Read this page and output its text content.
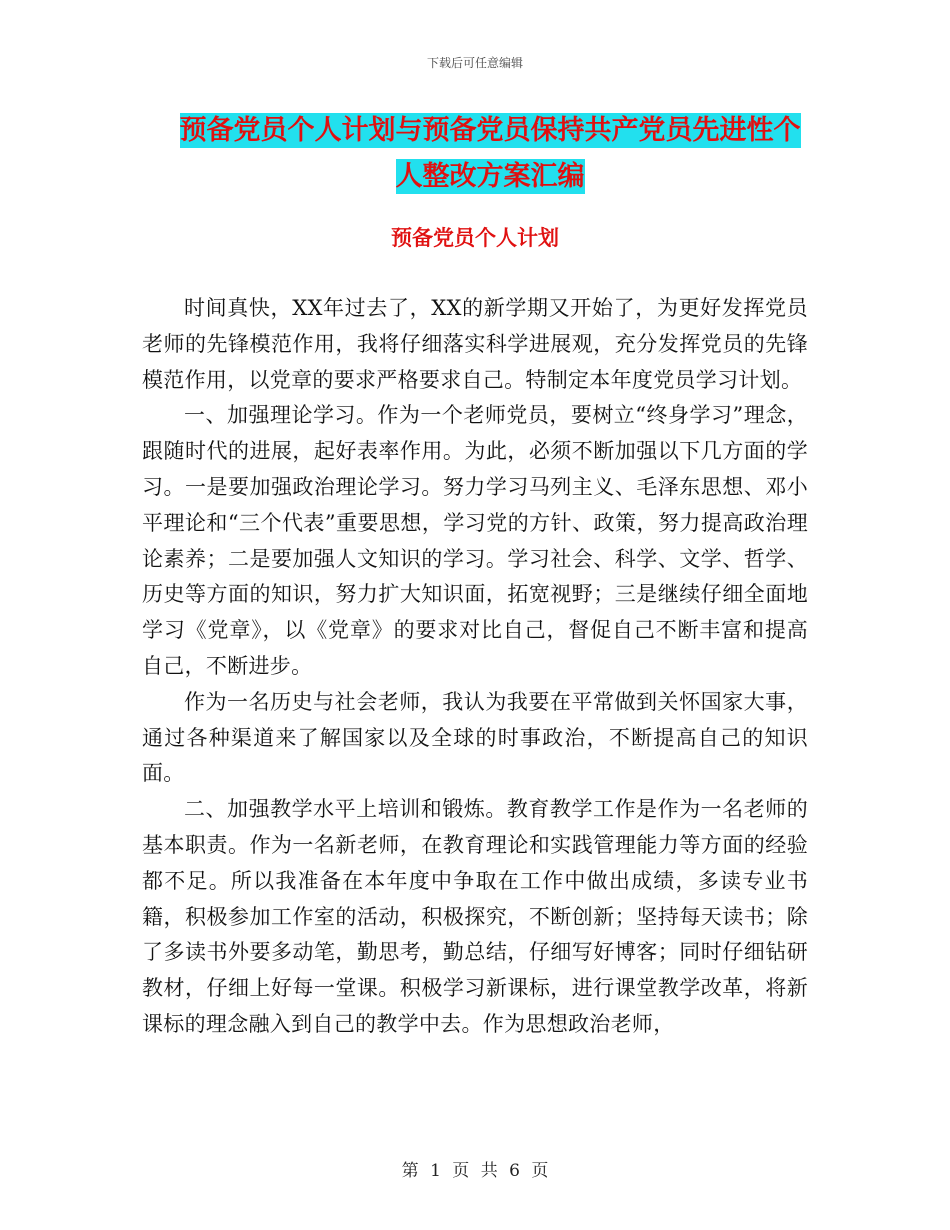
下载后可任意编辑
预备党员个人计划与预备党员保持共产党员先进性个
人整改方案汇编
预备党员个人计划

时间真快，XX年过去了，XX的新学期又开始了，为更好发挥党员老师的先锋模范作用，我将仔细落实科学进展观，充分发挥党员的先锋模范作用，以党章的要求严格要求自己。特制定本年度党员学习计划。

一、加强理论学习。作为一个老师党员，要树立“终身学习”理念，跟随时代的进展，起好表率作用。为此，必须不断加强以下几方面的学习。一是要加强政治理论学习。努力学习马列主义、毛泽东思想、邓小平理论和“三个代表”重要思想，学习党的方针、政策，努力提高政治理论素养；二是要加强人文知识的学习。学习社会、科学、文学、哲学、历史等方面的知识，努力扩大知识面，拓宽视野；三是继续仔细全面地学习《党章》，以《党章》的要求对比自己，督促自己不断丰富和提高自己，不断进步。

作为一名历史与社会老师，我认为我要在平常做到关怀国家大事，通过各种渠道来了解国家以及全球的时事政治，不断提高自己的知识面。

二、加强教学水平上培训和锻炼。教育教学工作是作为一名老师的基本职责。作为一名新老师，在教育理论和实践管理能力等方面的经验都不足。所以我准备在本年度中争取在工作中做出成绩，多读专业书籍，积极参加工作室的活动，积极探究，不断创新；坚持每天读书；除了多读书外要多动笔，勤思考，勤总结，仔细写好博客；同时仔细钻研教材，仔细上好每一堂课。积极学习新课标，进行课堂教学改革，将新课标的理念融入到自己的教学中去。作为思想政治老师，

第 1 页 共 6 页
